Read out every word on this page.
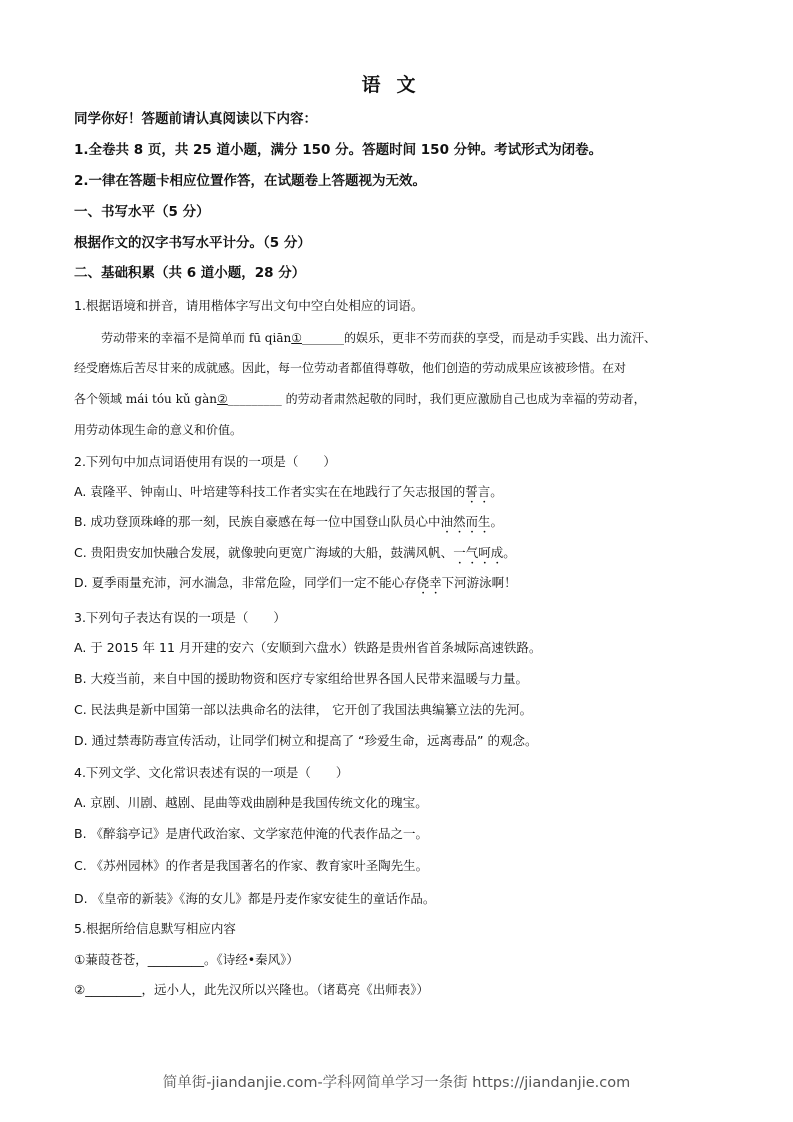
语文
同学你好！答题前请认真阅读以下内容：
1.全卷共 8 页，共 25 道小题，满分 150 分。答题时间 150 分钟。考试形式为闭卷。
2.一律在答题卡相应位置作答，在试题卷上答题视为无效。
一、书写水平（5 分）
根据作文的汉字书写水平计分。（5 分）
二、基础积累（共 6 道小题，28 分）
1.根据语境和拼音，请用楷体字写出文句中空白处相应的词语。
劳动带来的幸福不是简单而 fū qiān①_______的娱乐，更非不劳而获的享受，而是动手实践、出力流汗、
经受磨炼后苦尽甘来的成就感。因此，每一位劳动者都值得尊敬，他们创造的劳动成果应该被珍惜。在对
各个领域 mái tóu kǔ gàn②_________ 的劳动者肃然起敬的同时，我们更应激励自己也成为幸福的劳动者，
用劳动体现生命的意义和价值。
2.下列句中加点词语使用有误的一项是（　　）
A. 袁隆平、钟南山、叶培建等科技工作者实实在在地践行了矢志报国的誓言。
B. 成功登顶珠峰的那一刻，民族自豪感在每一位中国登山队员心中油然而生。
C. 贵阳贵安加快融合发展，就像驶向更宽广海域的大船，鼓满风帆、一气呵成。
D. 夏季雨量充沛，河水湍急，非常危险，同学们一定不能心存侥幸下河游泳啊！
3.下列句子表达有误的一项是（　　）
A. 于 2015 年 11 月开建的安六（安顺到六盘水）铁路是贵州省首条城际高速铁路。
B. 大疫当前，来自中国的援助物资和医疗专家组给世界各国人民带来温暖与力量。
C. 民法典是新中国第一部以法典命名的法律， 它开创了我国法典编纂立法的先河。
D. 通过禁毒防毒宣传活动，让同学们树立和提高了 “珍爱生命，远离毒品” 的观念。
4.下列文学、文化常识表述有误的一项是（　　）
A. 京剧、川剧、越剧、昆曲等戏曲剧种是我国传统文化的瑰宝。
B. 《醉翁亭记》是唐代政治家、文学家范仲淹的代表作品之一。
C. 《苏州园林》的作者是我国著名的作家、教育家叶圣陶先生。
D. 《皇帝的新装》《海的女儿》都是丹麦作家安徒生的童话作品。
5.根据所给信息默写相应内容
①蒹葭苍苍，_________。《诗经•秦风》）
②_________，远小人，此先汉所以兴隆也。（诸葛亮《出师表》）
简单街-jiandanjie.com-学科网简单学习一条街 https://jiandanjie.com
